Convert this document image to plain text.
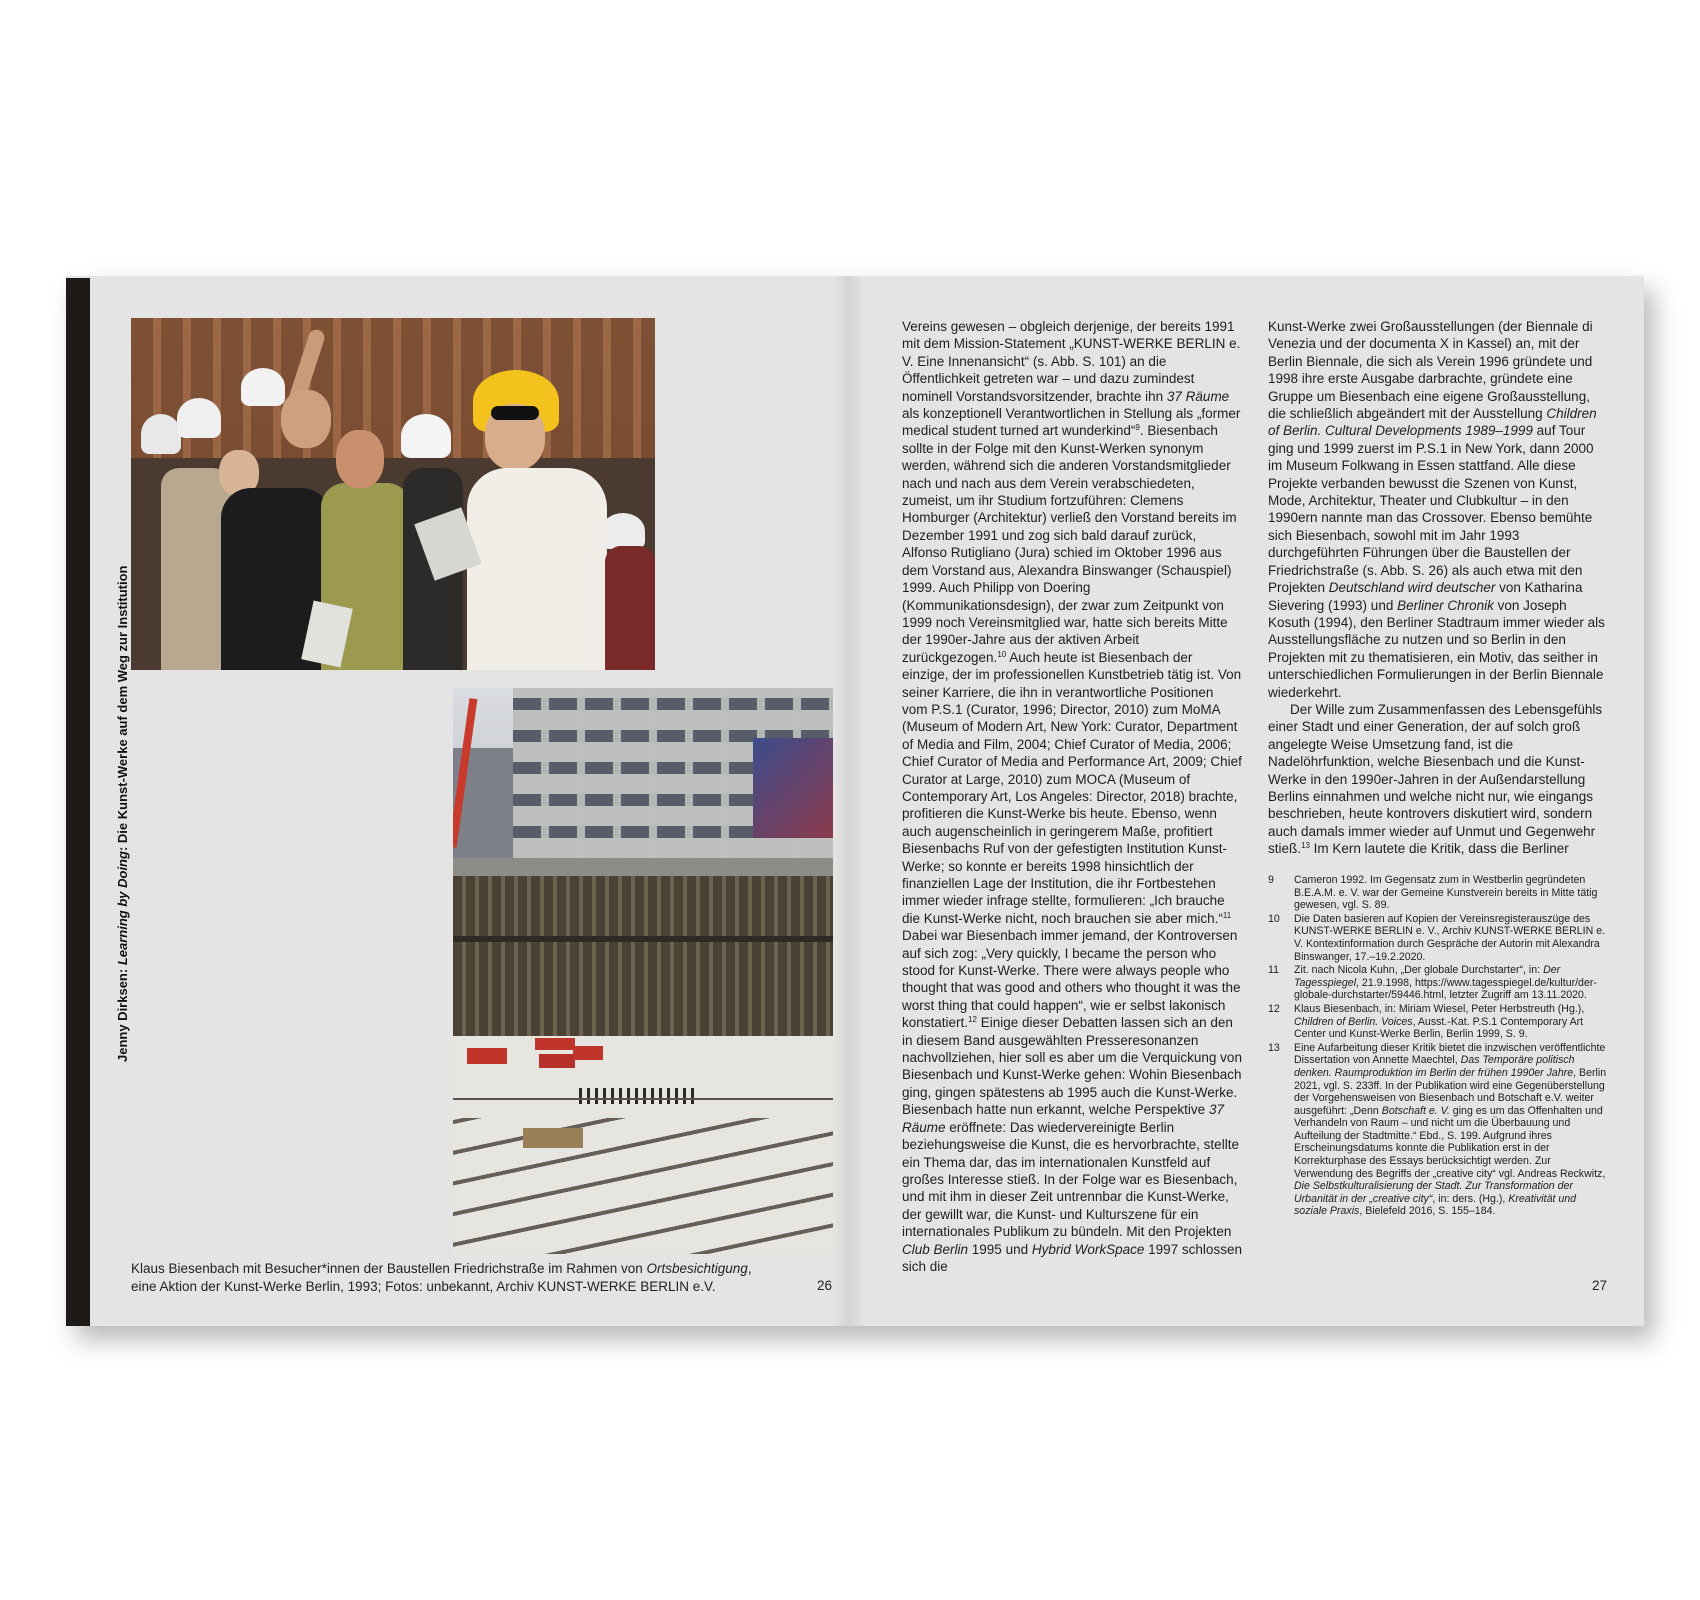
Jenny Dirksen: Learning by Doing: Die Kunst-Werke auf dem Weg zur Institution
Klaus Biesenbach mit Besucher*innen der Baustellen Friedrichstraße im Rahmen von Ortsbesichtigung, eine Aktion der Kunst-Werke Berlin, 1993; Fotos: unbekannt, Archiv KUNST-WERKE BERLIN e.V.	26	27

Vereins gewesen – obgleich derjenige, der bereits 1991 mit dem Mission-Statement „KUNST-WERKE BERLIN e. V. Eine Innenansicht“ (s. Abb. S. 101) an die Öffentlichkeit getreten war – und dazu zumindest nominell Vorstandsvorsitzender, brachte ihn 37 Räume als konzeptionell Verantwortlichen in Stellung als „former medical student turned art wunderkind“$^9$. Biesenbach sollte in der Folge mit den Kunst-Werken synonym werden, während sich die anderen Vorstandsmitglieder nach und nach aus dem Verein verabschiedeten, zumeist, um ihr Studium fortzuführen: Clemens Homburger (Architektur) verließ den Vorstand bereits im Dezember 1991 und zog sich bald darauf zurück, Alfonso Rutigliano (Jura) schied im Oktober 1996 aus dem Vorstand aus, Alexandra Binswanger (Schauspiel) 1999. Auch Philipp von Doering (Kommunikationsdesign), der zwar zum Zeitpunkt von 1999 noch Vereinsmitglied war, hatte sich bereits Mitte der 1990er-Jahre aus der aktiven Arbeit zurückgezogen.$^{10}$ Auch heute ist Biesenbach der einzige, der im professionellen Kunstbetrieb tätig ist. Von seiner Karriere, die ihn in verantwortliche Positionen vom P.S.1 (Curator, 1996; Director, 2010) zum MoMA (Museum of Modern Art, New York: Curator, Department of Media and Film, 2004; Chief Curator of Media, 2006; Chief Curator of Media and Performance Art, 2009; Chief Curator at Large, 2010) zum MOCA (Museum of Contemporary Art, Los Angeles: Director, 2018) brachte, profitieren die Kunst-Werke bis heute. Ebenso, wenn auch augenscheinlich in geringerem Maße, profitiert Biesenbachs Ruf von der gefestigten Institution Kunst-Werke; so konnte er bereits 1998 hinsichtlich der finanziellen Lage der Institution, die ihr Fortbestehen immer wieder infrage stellte, formulieren: „Ich brauche die Kunst-Werke nicht, noch brauchen sie aber mich.“$^{11}$ Dabei war Biesenbach immer jemand, der Kontroversen auf sich zog: „Very quickly, I became the person who stood for Kunst-Werke. There were always people who thought that was good and others who thought it was the worst thing that could happen“, wie er selbst lakonisch konstatiert.$^{12}$ Einige dieser Debatten lassen sich an den in diesem Band ausgewählten Presseresonanzen nachvollziehen, hier soll es aber um die Verquickung von Biesenbach und Kunst-Werke gehen: Wohin Biesenbach ging, gingen spätestens ab 1995 auch die Kunst-Werke. Biesenbach hatte nun erkannt, welche Perspektive 37 Räume eröffnete: Das wiedervereinigte Berlin beziehungsweise die Kunst, die es hervorbrachte, stellte ein Thema dar, das im internationalen Kunstfeld auf großes Interesse stieß. In der Folge war es Biesenbach, und mit ihm in dieser Zeit untrennbar die Kunst-Werke, der gewillt war, die Kunst- und Kulturszene für ein internationales Publikum zu bündeln. Mit den Projekten Club Berlin 1995 und Hybrid WorkSpace 1997 schlossen sich die

Kunst-Werke zwei Großausstellungen (der Biennale di Venezia und der documenta X in Kassel) an, mit der Berlin Biennale, die sich als Verein 1996 gründete und 1998 ihre erste Ausgabe darbrachte, gründete eine Gruppe um Biesenbach eine eigene Großausstellung, die schließlich abgeändert mit der Ausstellung Children of Berlin. Cultural Developments 1989–1999 auf Tour ging und 1999 zuerst im P.S.1 in New York, dann 2000 im Museum Folkwang in Essen stattfand. Alle diese Projekte verbanden bewusst die Szenen von Kunst, Mode, Architektur, Theater und Clubkultur – in den 1990ern nannte man das Crossover. Ebenso bemühte sich Biesenbach, sowohl mit im Jahr 1993 durchgeführten Führungen über die Baustellen der Friedrichstraße (s. Abb. S. 26) als auch etwa mit den Projekten Deutschland wird deutscher von Katharina Sievering (1993) und Berliner Chronik von Joseph Kosuth (1994), den Berliner Stadtraum immer wieder als Ausstellungsfläche zu nutzen und so Berlin in den Projekten mit zu thematisieren, ein Motiv, das seither in unterschiedlichen Formulierungen in der Berlin Biennale wiederkehrt.

Der Wille zum Zusammenfassen des Lebensgefühls einer Stadt und einer Generation, der auf solch groß angelegte Weise Umsetzung fand, ist die Nadelöhrfunktion, welche Biesenbach und die Kunst-Werke in den 1990er-Jahren in der Außendarstellung Berlins einnahmen und welche nicht nur, wie eingangs beschrieben, heute kontrovers diskutiert wird, sondern auch damals immer wieder auf Unmut und Gegenwehr stieß.$^{13}$ Im Kern lautete die Kritik, dass die Berliner

9	Cameron 1992. Im Gegensatz zum in Westberlin gegründeten B.E.A.M. e. V. war der Gemeine Kunstverein bereits in Mitte tätig gewesen, vgl. S. 89.
10	Die Daten basieren auf Kopien der Vereinsregisterauszüge des KUNST-WERKE BERLIN e. V., Archiv KUNST-WERKE BERLIN e. V. Kontextinformation durch Gespräche der Autorin mit Alexandra Binswanger, 17.–19.2.2020.
11	Zit. nach Nicola Kuhn, „Der globale Durchstarter“, in: Der Tagesspiegel, 21.9.1998, https://www.tagesspiegel.de/kultur/der-globale-durchstarter/59446.html, letzter Zugriff am 13.11.2020.
12	Klaus Biesenbach, in: Miriam Wiesel, Peter Herbstreuth (Hg.), Children of Berlin. Voices, Ausst.-Kat. P.S.1 Contemporary Art Center und Kunst-Werke Berlin, Berlin 1999, S. 9.
13	Eine Aufarbeitung dieser Kritik bietet die inzwischen veröffentlichte Dissertation von Annette Maechtel, Das Temporäre politisch denken. Raumproduktion im Berlin der frühen 1990er Jahre, Berlin 2021, vgl. S. 233ff. In der Publikation wird eine Gegenüberstellung der Vorgehensweisen von Biesenbach und Botschaft e.V. weiter ausgeführt: „Denn Botschaft e. V. ging es um das Offenhalten und Verhandeln von Raum – und nicht um die Überbauung und Aufteilung der Stadtmitte.“ Ebd., S. 199. Aufgrund ihres Erscheinungsdatums konnte die Publikation erst in der Korrekturphase des Essays berücksichtigt werden. Zur Verwendung des Begriffs der „creative city“ vgl. Andreas Reckwitz, Die Selbstkulturalisierung der Stadt. Zur Transformation der Urbanität in der „creative city“, in: ders. (Hg.), Kreativität und soziale Praxis, Bielefeld 2016, S. 155–184.
